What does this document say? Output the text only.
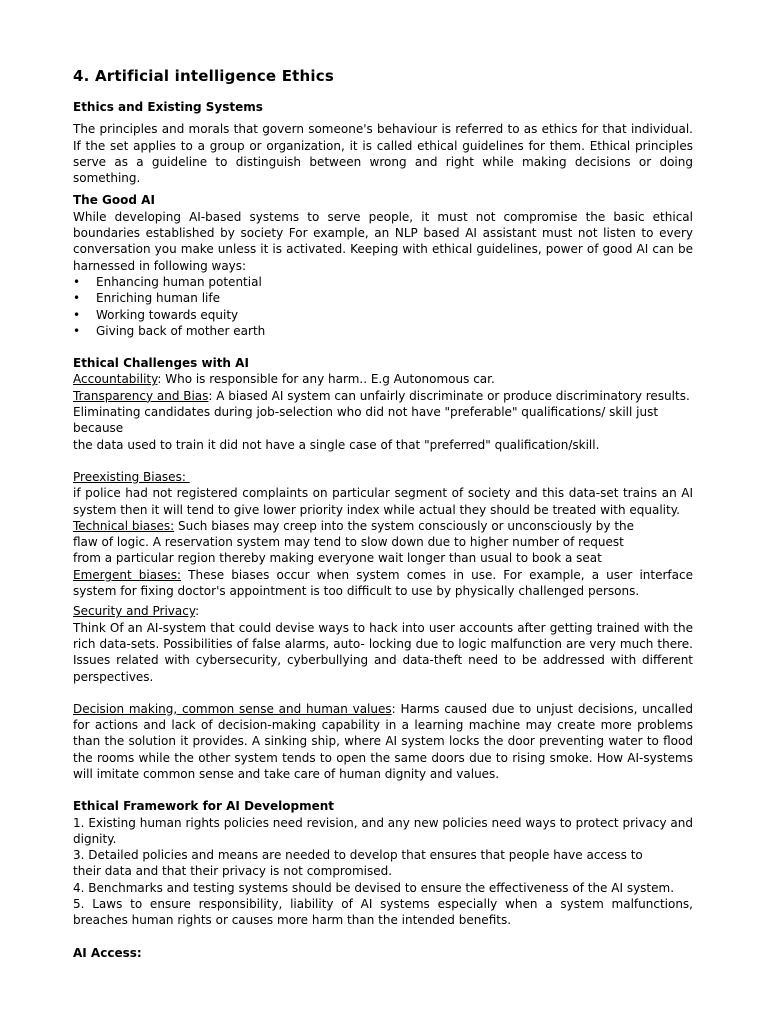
4. Artificial intelligence Ethics

Ethics and Existing Systems

The principles and morals that govern someone's behaviour is referred to as ethics for that individual. If the set applies to a group or organization, it is called ethical guidelines for them. Ethical principles serve as a guideline to distinguish between wrong and right while making decisions or doing something.

The Good AI

While developing AI-based systems to serve people, it must not compromise the basic ethical boundaries established by society For example, an NLP based AI assistant must not listen to every conversation you make unless it is activated. Keeping with ethical guidelines, power of good AI can be harnessed in following ways:

• Enhancing human potential
• Enriching human life
• Working towards equity
• Giving back of mother earth

Ethical Challenges with AI

Accountability: Who is responsible for any harm.. E.g Autonomous car.

Transparency and Bias: A biased AI system can unfairly discriminate or produce discriminatory results.

Eliminating candidates during job-selection who did not have "preferable" qualifications/ skill just because

the data used to train it did not have a single case of that "preferred" qualification/skill.

Preexisting Biases:

if police had not registered complaints on particular segment of society and this data-set trains an AI system then it will tend to give lower priority index while actual they should be treated with equality.

Technical biases: Such biases may creep into the system consciously or unconsciously by the

flaw of logic. A reservation system may tend to slow down due to higher number of request

from a particular region thereby making everyone wait longer than usual to book a seat

Emergent biases: These biases occur when system comes in use. For example, a user interface system for fixing doctor's appointment is too difficult to use by physically challenged persons.

Security and Privacy:

Think Of an AI-system that could devise ways to hack into user accounts after getting trained with the rich data-sets. Possibilities of false alarms, auto- locking due to logic malfunction are very much there. Issues related with cybersecurity, cyberbullying and data-theft need to be addressed with different perspectives.

Decision making, common sense and human values: Harms caused due to unjust decisions, uncalled for actions and lack of decision-making capability in a learning machine may create more problems than the solution it provides. A sinking ship, where AI system locks the door preventing water to flood the rooms while the other system tends to open the same doors due to rising smoke. How AI-systems will imitate common sense and take care of human dignity and values.

Ethical Framework for AI Development

1. Existing human rights policies need revision, and any new policies need ways to protect privacy and dignity.

3. Detailed policies and means are needed to develop that ensures that people have access to

their data and that their privacy is not compromised.

4. Benchmarks and testing systems should be devised to ensure the effectiveness of the AI system.

5. Laws to ensure responsibility, liability of AI systems especially when a system malfunctions, breaches human rights or causes more harm than the intended benefits.

AI Access:
